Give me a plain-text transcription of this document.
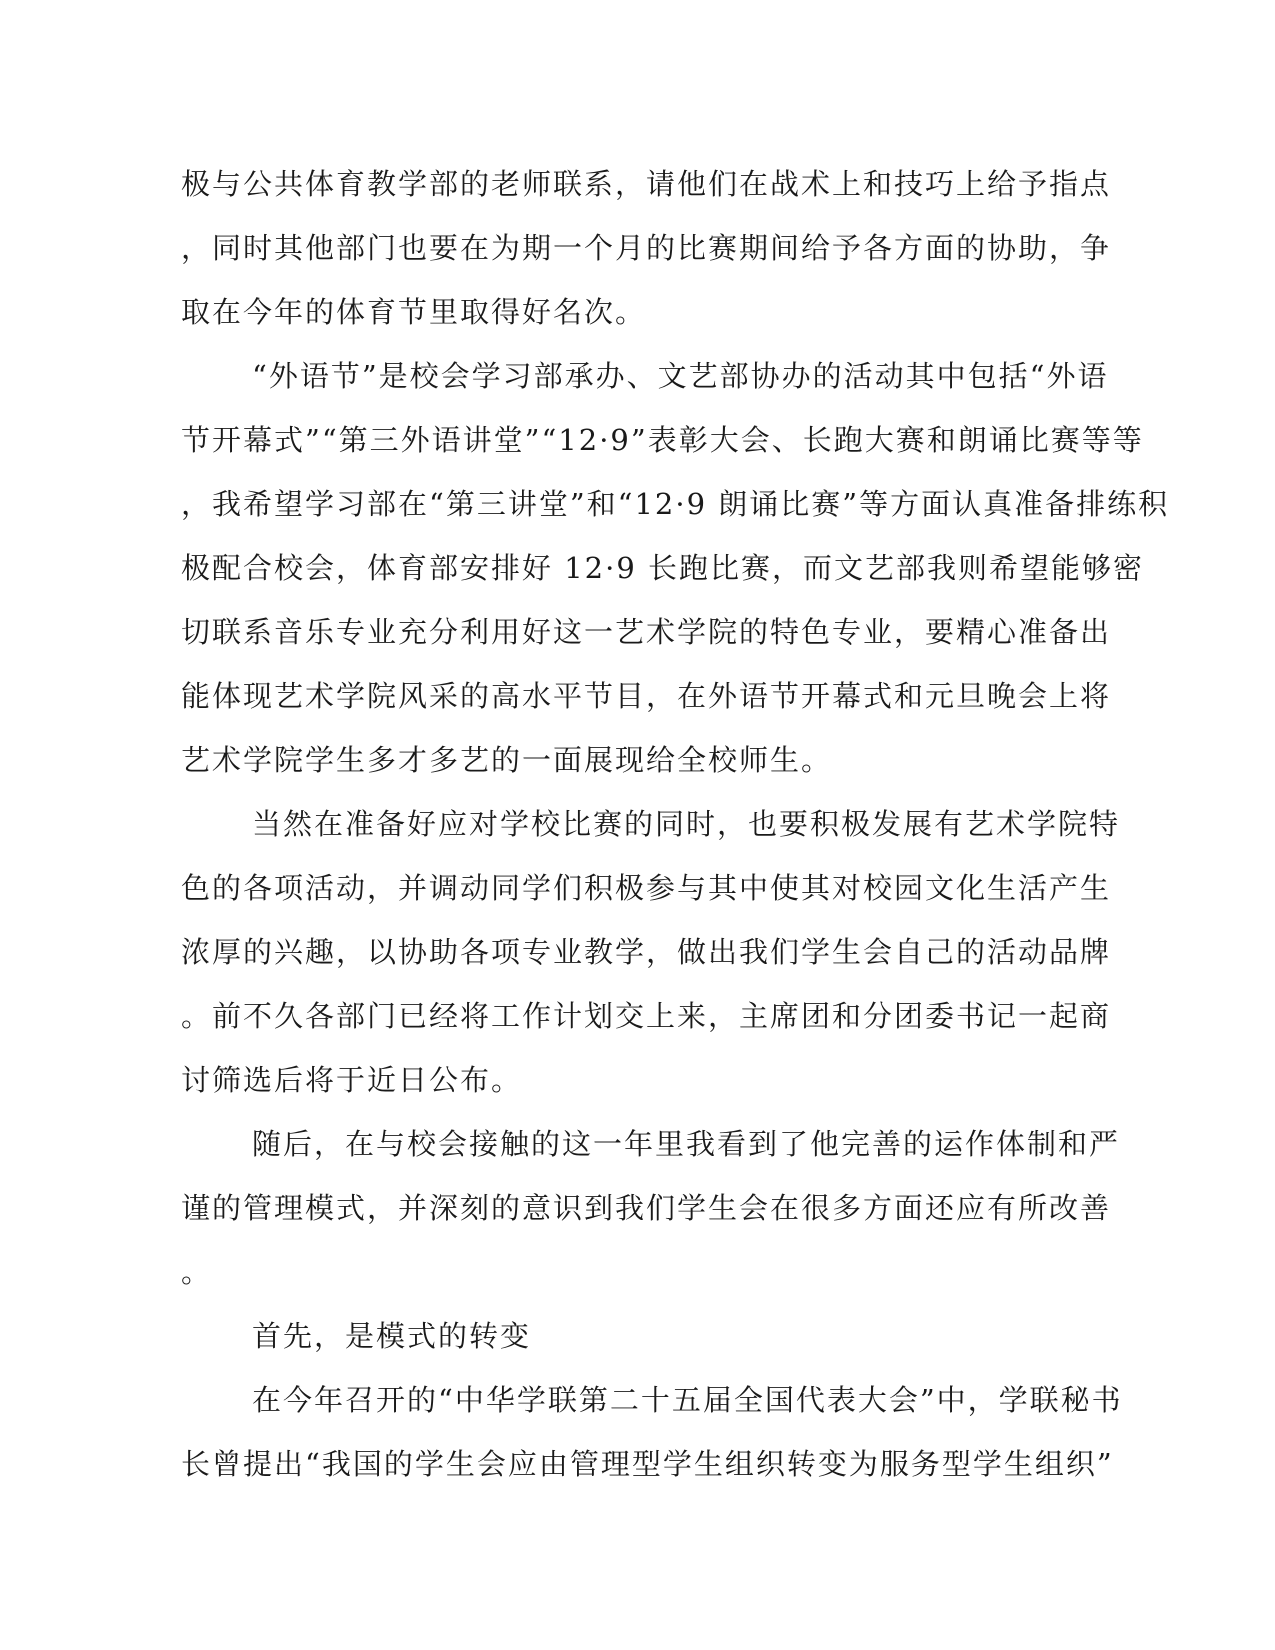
极与公共体育教学部的老师联系，请他们在战术上和技巧上给予指点
，同时其他部门也要在为期一个月的比赛期间给予各方面的协助，争
取在今年的体育节里取得好名次。
“外语节”是校会学习部承办、文艺部协办的活动其中包括“外语
节开幕式”“第三外语讲堂”“12·9”表彰大会、长跑大赛和朗诵比赛等等
，我希望学习部在“第三讲堂”和“12·9 朗诵比赛”等方面认真准备排练积
极配合校会，体育部安排好 12·9 长跑比赛，而文艺部我则希望能够密
切联系音乐专业充分利用好这一艺术学院的特色专业，要精心准备出
能体现艺术学院风采的高水平节目，在外语节开幕式和元旦晚会上将
艺术学院学生多才多艺的一面展现给全校师生。
当然在准备好应对学校比赛的同时，也要积极发展有艺术学院特
色的各项活动，并调动同学们积极参与其中使其对校园文化生活产生
浓厚的兴趣，以协助各项专业教学，做出我们学生会自己的活动品牌
。前不久各部门已经将工作计划交上来，主席团和分团委书记一起商
讨筛选后将于近日公布。
随后，在与校会接触的这一年里我看到了他完善的运作体制和严
谨的管理模式，并深刻的意识到我们学生会在很多方面还应有所改善
。
首先，是模式的转变
在今年召开的“中华学联第二十五届全国代表大会”中，学联秘书
长曾提出“我国的学生会应由管理型学生组织转变为服务型学生组织”
